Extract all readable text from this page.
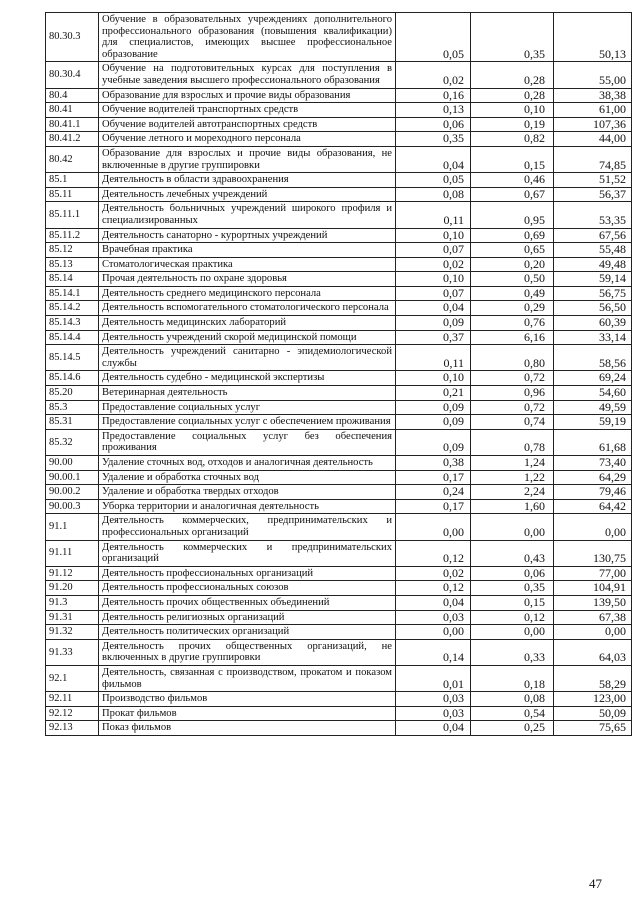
80.30.3	Обучение в образовательных учреждениях дополнительного профессионального образования (повышения квалификации) для специалистов, имеющих высшее профессиональное образование	0,05	0,35	50,13
80.30.4	Обучение на подготовительных курсах для поступления в учебные заведения высшего профессионального образования	0,02	0,28	55,00
80.4	Образование для взрослых и прочие виды образования	0,16	0,28	38,38
80.41	Обучение водителей транспортных средств	0,13	0,10	61,00
80.41.1	Обучение водителей автотранспортных средств	0,06	0,19	107,36
80.41.2	Обучение летного и мореходного персонала	0,35	0,82	44,00
80.42	Образование для взрослых и прочие виды образования, не включенные в другие группировки	0,04	0,15	74,85
85.1	Деятельность в области здравоохранения	0,05	0,46	51,52
85.11	Деятельность лечебных учреждений	0,08	0,67	56,37
85.11.1	Деятельность больничных учреждений широкого профиля и специализированных	0,11	0,95	53,35
85.11.2	Деятельность санаторно - курортных учреждений	0,10	0,69	67,56
85.12	Врачебная практика	0,07	0,65	55,48
85.13	Стоматологическая практика	0,02	0,20	49,48
85.14	Прочая деятельность по охране здоровья	0,10	0,50	59,14
85.14.1	Деятельность среднего медицинского персонала	0,07	0,49	56,75
85.14.2	Деятельность вспомогательного стоматологического персонала	0,04	0,29	56,50
85.14.3	Деятельность медицинских лабораторий	0,09	0,76	60,39
85.14.4	Деятельность учреждений скорой медицинской помощи	0,37	6,16	33,14
85.14.5	Деятельность учреждений санитарно - эпидемиологической службы	0,11	0,80	58,56
85.14.6	Деятельность судебно - медицинской экспертизы	0,10	0,72	69,24
85.20	Ветеринарная деятельность	0,21	0,96	54,60
85.3	Предоставление социальных услуг	0,09	0,72	49,59
85.31	Предоставление социальных услуг с обеспечением проживания	0,09	0,74	59,19
85.32	Предоставление социальных услуг без обеспечения проживания	0,09	0,78	61,68
90.00	Удаление сточных вод, отходов и аналогичная деятельность	0,38	1,24	73,40
90.00.1	Удаление и обработка сточных вод	0,17	1,22	64,29
90.00.2	Удаление и обработка твердых отходов	0,24	2,24	79,46
90.00.3	Уборка территории и аналогичная деятельность	0,17	1,60	64,42
91.1	Деятельность коммерческих, предпринимательских и профессиональных организаций	0,00	0,00	0,00
91.11	Деятельность коммерческих и предпринимательских организаций	0,12	0,43	130,75
91.12	Деятельность профессиональных организаций	0,02	0,06	77,00
91.20	Деятельность профессиональных союзов	0,12	0,35	104,91
91.3	Деятельность прочих общественных объединений	0,04	0,15	139,50
91.31	Деятельность религиозных организаций	0,03	0,12	67,38
91.32	Деятельность политических организаций	0,00	0,00	0,00
91.33	Деятельность прочих общественных организаций, не включенных в другие группировки	0,14	0,33	64,03
92.1	Деятельность, связанная с производством, прокатом и показом фильмов	0,01	0,18	58,29
92.11	Производство фильмов	0,03	0,08	123,00
92.12	Прокат фильмов	0,03	0,54	50,09
92.13	Показ фильмов	0,04	0,25	75,65
47
